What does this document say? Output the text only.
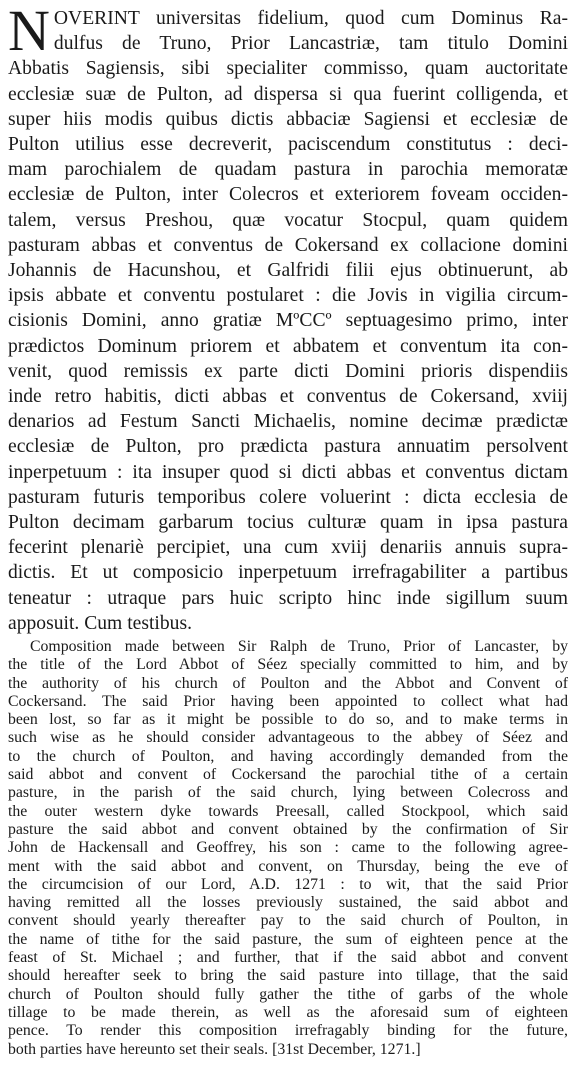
N OVERINT universitas fidelium, quod cum Dominus Ra-
dulfus de Truno, Prior Lancastriæ, tam titulo Domini
Abbatis Sagiensis, sibi specialiter commisso, quam auctoritate
ecclesiæ suæ de Pulton, ad dispersa si qua fuerint colligenda, et
super hiis modis quibus dictis abbaciæ Sagiensi et ecclesiæ de
Pulton utilius esse decreverit, paciscendum constitutus : deci-
mam parochialem de quadam pastura in parochia memoratæ
ecclesiæ de Pulton, inter Colecros et exteriorem foveam occiden-
talem, versus Preshou, quæ vocatur Stocpul, quam quidem
pasturam abbas et conventus de Cokersand ex collacione domini
Johannis de Hacunshou, et Galfridi filii ejus obtinuerunt, ab
ipsis abbate et conventu postularet : die Jovis in vigilia circum-
cisionis Domini, anno gratiæ MºCCº septuagesimo primo, inter
prædictos Dominum priorem et abbatem et conventum ita con-
venit, quod remissis ex parte dicti Domini prioris dispendiis
inde retro habitis, dicti abbas et conventus de Cokersand, xviij
denarios ad Festum Sancti Michaelis, nomine decimæ prædictæ
ecclesiæ de Pulton, pro prædicta pastura annuatim persolvent
inperpetuum : ita insuper quod si dicti abbas et conventus dictam
pasturam futuris temporibus colere voluerint : dicta ecclesia de
Pulton decimam garbarum tocius culturæ quam in ipsa pastura
fecerint plenariè percipiet, una cum xviij denariis annuis supra-
dictis. Et ut composicio inperpetuum irrefragabiliter a partibus
teneatur : utraque pars huic scripto hinc inde sigillum suum
apposuit. Cum testibus.
Composition made between Sir Ralph de Truno, Prior of Lancaster, by
the title of the Lord Abbot of Séez specially committed to him, and by
the authority of his church of Poulton and the Abbot and Convent of
Cockersand. The said Prior having been appointed to collect what had
been lost, so far as it might be possible to do so, and to make terms in
such wise as he should consider advantageous to the abbey of Séez and
to the church of Poulton, and having accordingly demanded from the
said abbot and convent of Cockersand the parochial tithe of a certain
pasture, in the parish of the said church, lying between Colecross and
the outer western dyke towards Preesall, called Stockpool, which said
pasture the said abbot and convent obtained by the confirmation of Sir
John de Hackensall and Geoffrey, his son : came to the following agree-
ment with the said abbot and convent, on Thursday, being the eve of
the circumcision of our Lord, A.D. 1271 : to wit, that the said Prior
having remitted all the losses previously sustained, the said abbot and
convent should yearly thereafter pay to the said church of Poulton, in
the name of tithe for the said pasture, the sum of eighteen pence at the
feast of St. Michael ; and further, that if the said abbot and convent
should hereafter seek to bring the said pasture into tillage, that the said
church of Poulton should fully gather the tithe of garbs of the whole
tillage to be made therein, as well as the aforesaid sum of eighteen
pence. To render this composition irrefragably binding for the future,
both parties have hereunto set their seals. [31st December, 1271.]
